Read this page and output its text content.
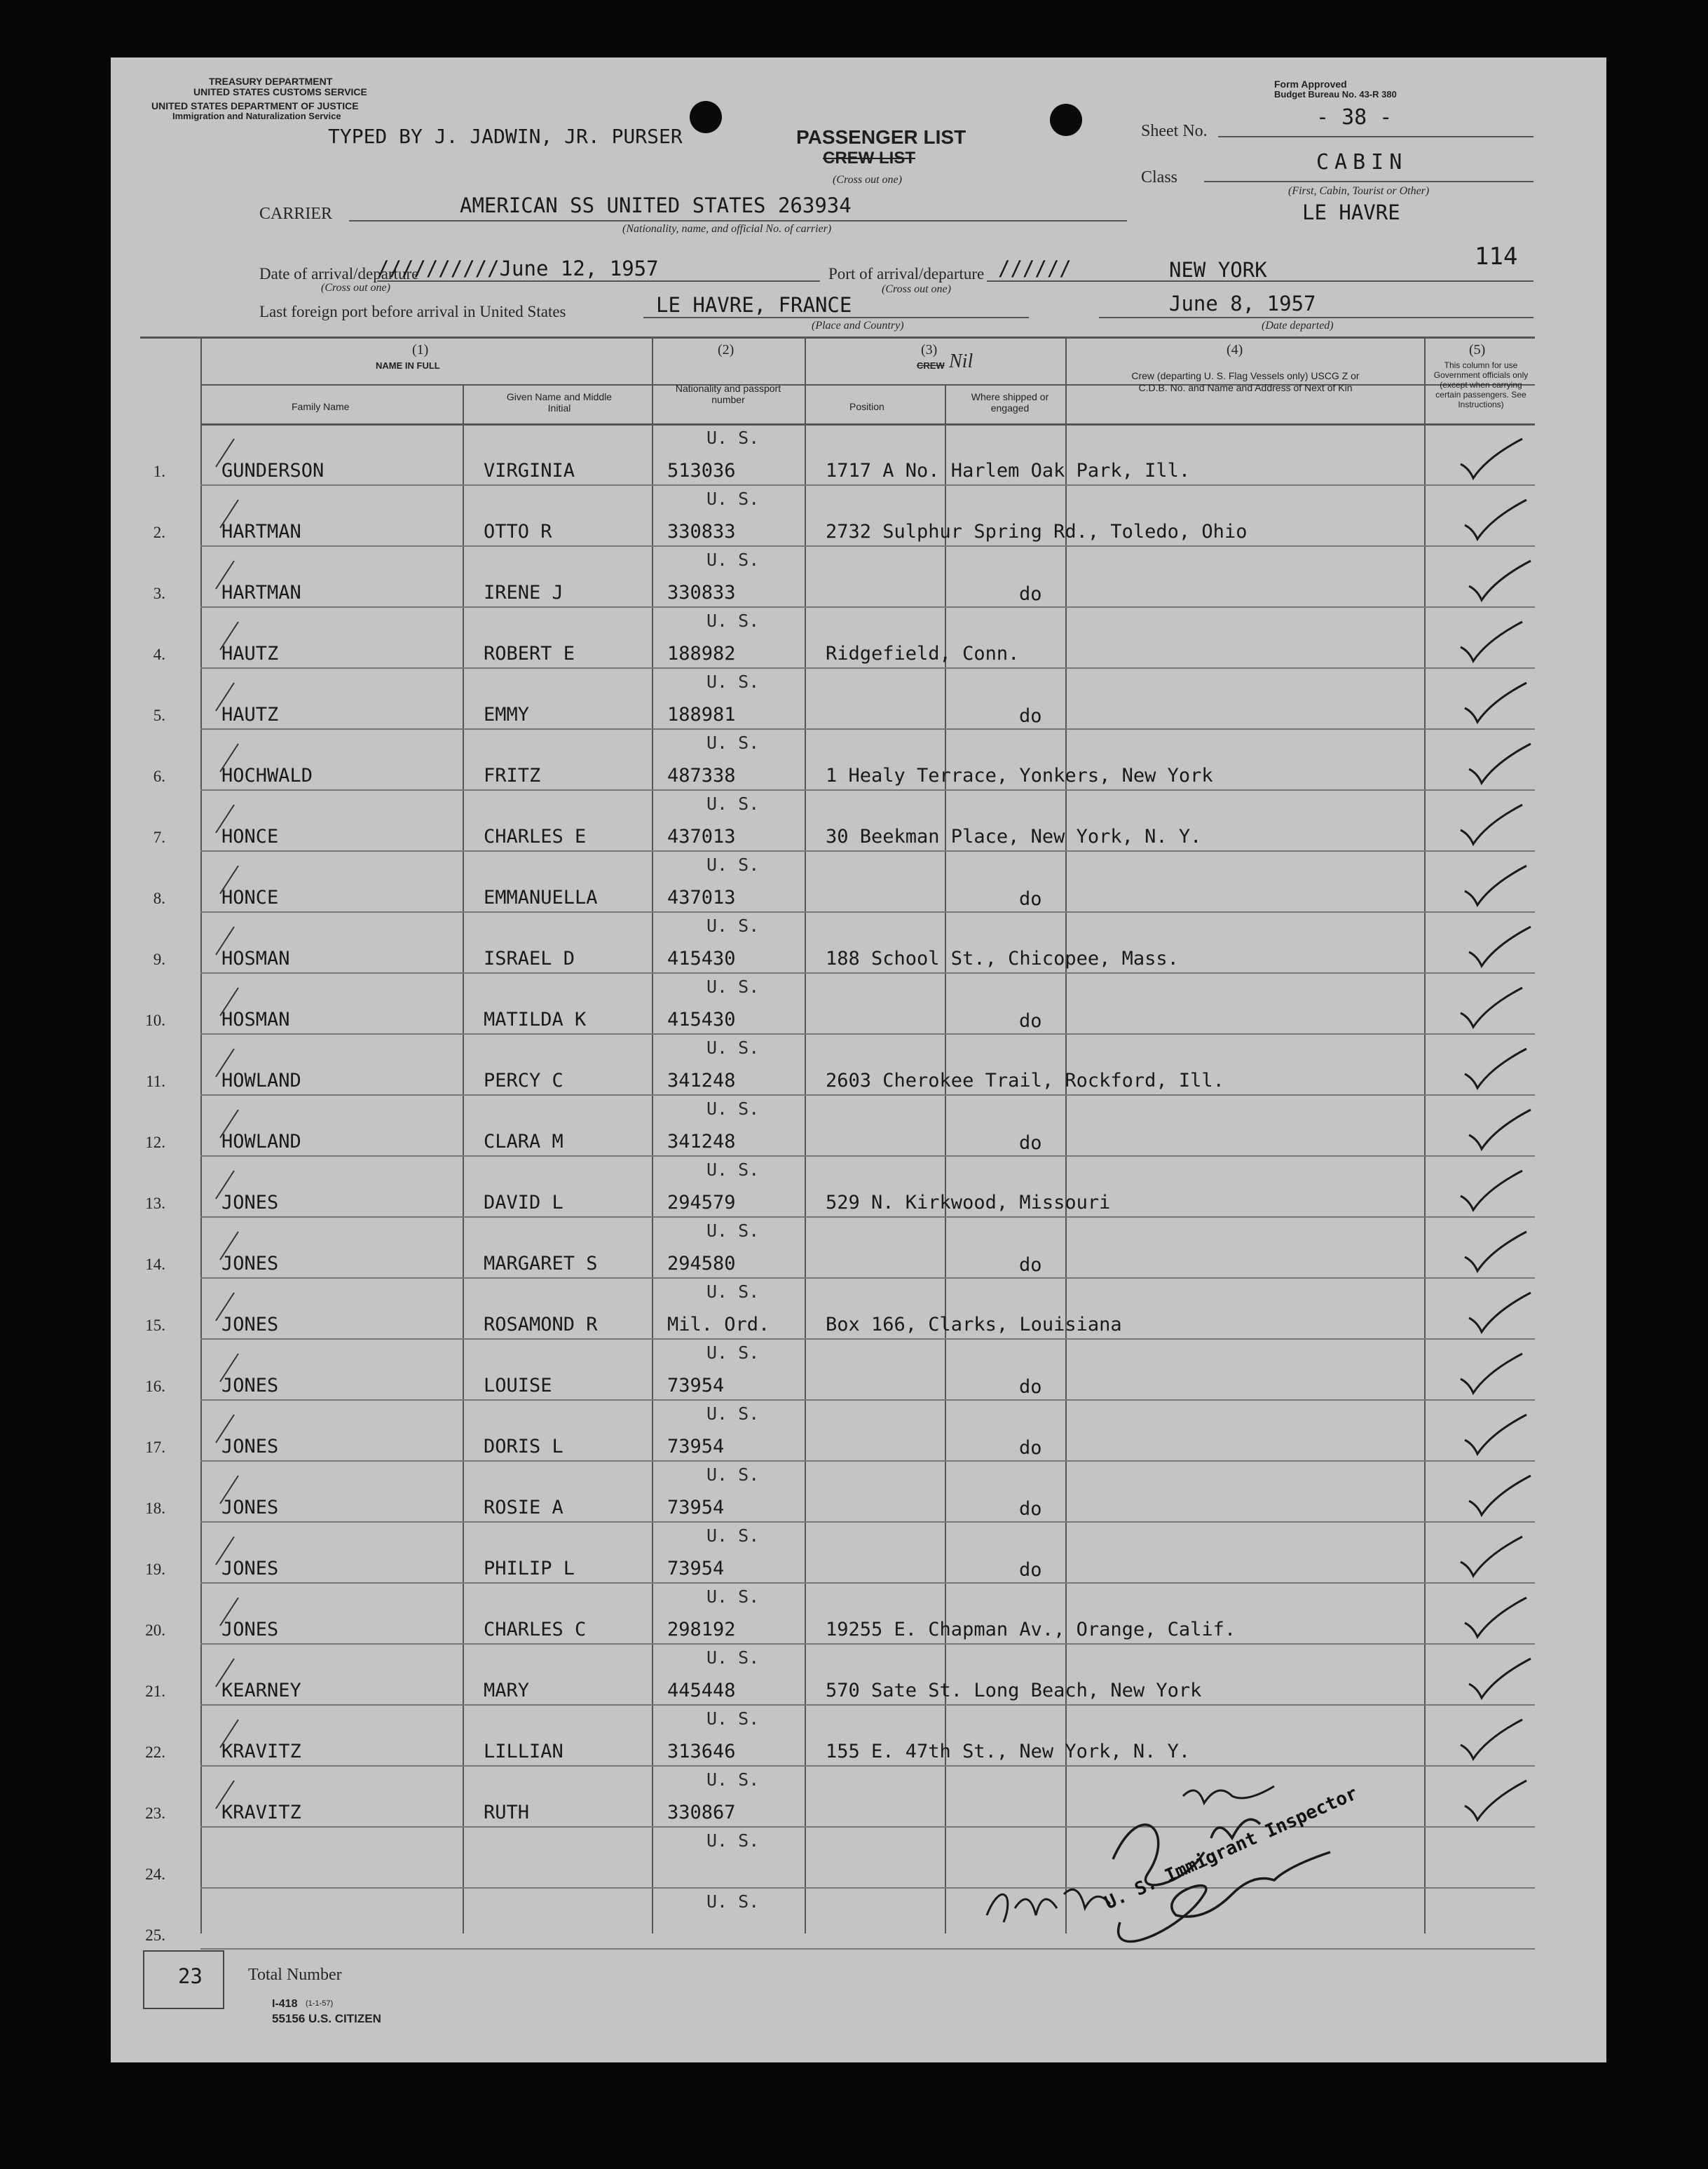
TREASURY DEPARTMENT
UNITED STATES CUSTOMS SERVICE
UNITED STATES DEPARTMENT OF JUSTICE
Immigration and Naturalization Service
TYPED BY J. JADWIN, JR. PURSER	PASSENGER LIST
CREW LIST
(Cross out one)
Form Approved
Budget Bureau No. 43-R 380
Sheet No.
- 38 -
Class
CABIN
(First, Cabin, Tourist or Other)
LE HAVRE
CARRIER	AMERICAN SS UNITED STATES 263934
(Nationality, name, and official No. of carrier)
Date of arrival/departure
//////////June 12, 1957
(Cross out one)
Port of arrival/departure //////	NEW YORK
(Cross out one)
114
Last foreign port before arrival in United States	LE HAVRE, FRANCE
(Place and Country)
June 8, 1957
(Date departed)
(1)
NAME IN FULL
Family Name
Given Name and Middle Initial
(2)
Nationality and passport number
(3)
CREW Nil
Position
Where shipped or engaged
(4)
Crew (departing U. S. Flag Vessels only) USCG Z or C.D.B. No. and Name and Address of Next of Kin
(5)
This column for use Government officials only (except when carrying certain passengers. See Instructions)
U. S.
1.	GUNDERSON	VIRGINIA	513036	1717 A No. Harlem Oak Park, Ill.
U. S.
2.	HARTMAN	OTTO R	330833	2732 Sulphur Spring Rd., Toledo, Ohio
U. S.
3.	HARTMAN	IRENE J	330833	do
U. S.
4.	HAUTZ	ROBERT E	188982	Ridgefield, Conn.
U. S.
5.	HAUTZ	EMMY	188981	do
U. S.
6.	HOCHWALD	FRITZ	487338	1 Healy Terrace, Yonkers, New York
U. S.
7.	HONCE	CHARLES E	437013	30 Beekman Place, New York, N. Y.
U. S.
8.	HONCE	EMMANUELLA	437013	do
U. S.
9.	HOSMAN	ISRAEL D	415430	188 School St., Chicopee, Mass.
U. S.
10.	HOSMAN	MATILDA K	415430	do
U. S.
11.	HOWLAND	PERCY C	341248	2603 Cherokee Trail, Rockford, Ill.
U. S.
12.	HOWLAND	CLARA M	341248	do
U. S.
13.	JONES	DAVID L	294579	529 N. Kirkwood, Missouri
U. S.
14.	JONES	MARGARET S	294580	do
U. S.
15.	JONES	ROSAMOND R	Mil. Ord.	Box 166, Clarks, Louisiana
U. S.
16.	JONES	LOUISE	73954	do
U. S.
17.	JONES	DORIS L	73954	do
U. S.
18.	JONES	ROSIE A	73954	do
U. S.
19.	JONES	PHILIP L	73954	do
U. S.
20.	JONES	CHARLES C	298192	19255 E. Chapman Av., Orange, Calif.
U. S.
21.	KEARNEY	MARY	445448	570 Sate St. Long Beach, New York
U. S.
22.	KRAVITZ	LILLIAN	313646	155 E. 47th St., New York, N. Y.
U. S.
23.	KRAVITZ	RUTH	330867
U. S.
24.
U. S.
25.
U. S. Immigrant Inspector
23	Total Number
I-418 (1-1-57)
55156 U.S. CITIZEN
